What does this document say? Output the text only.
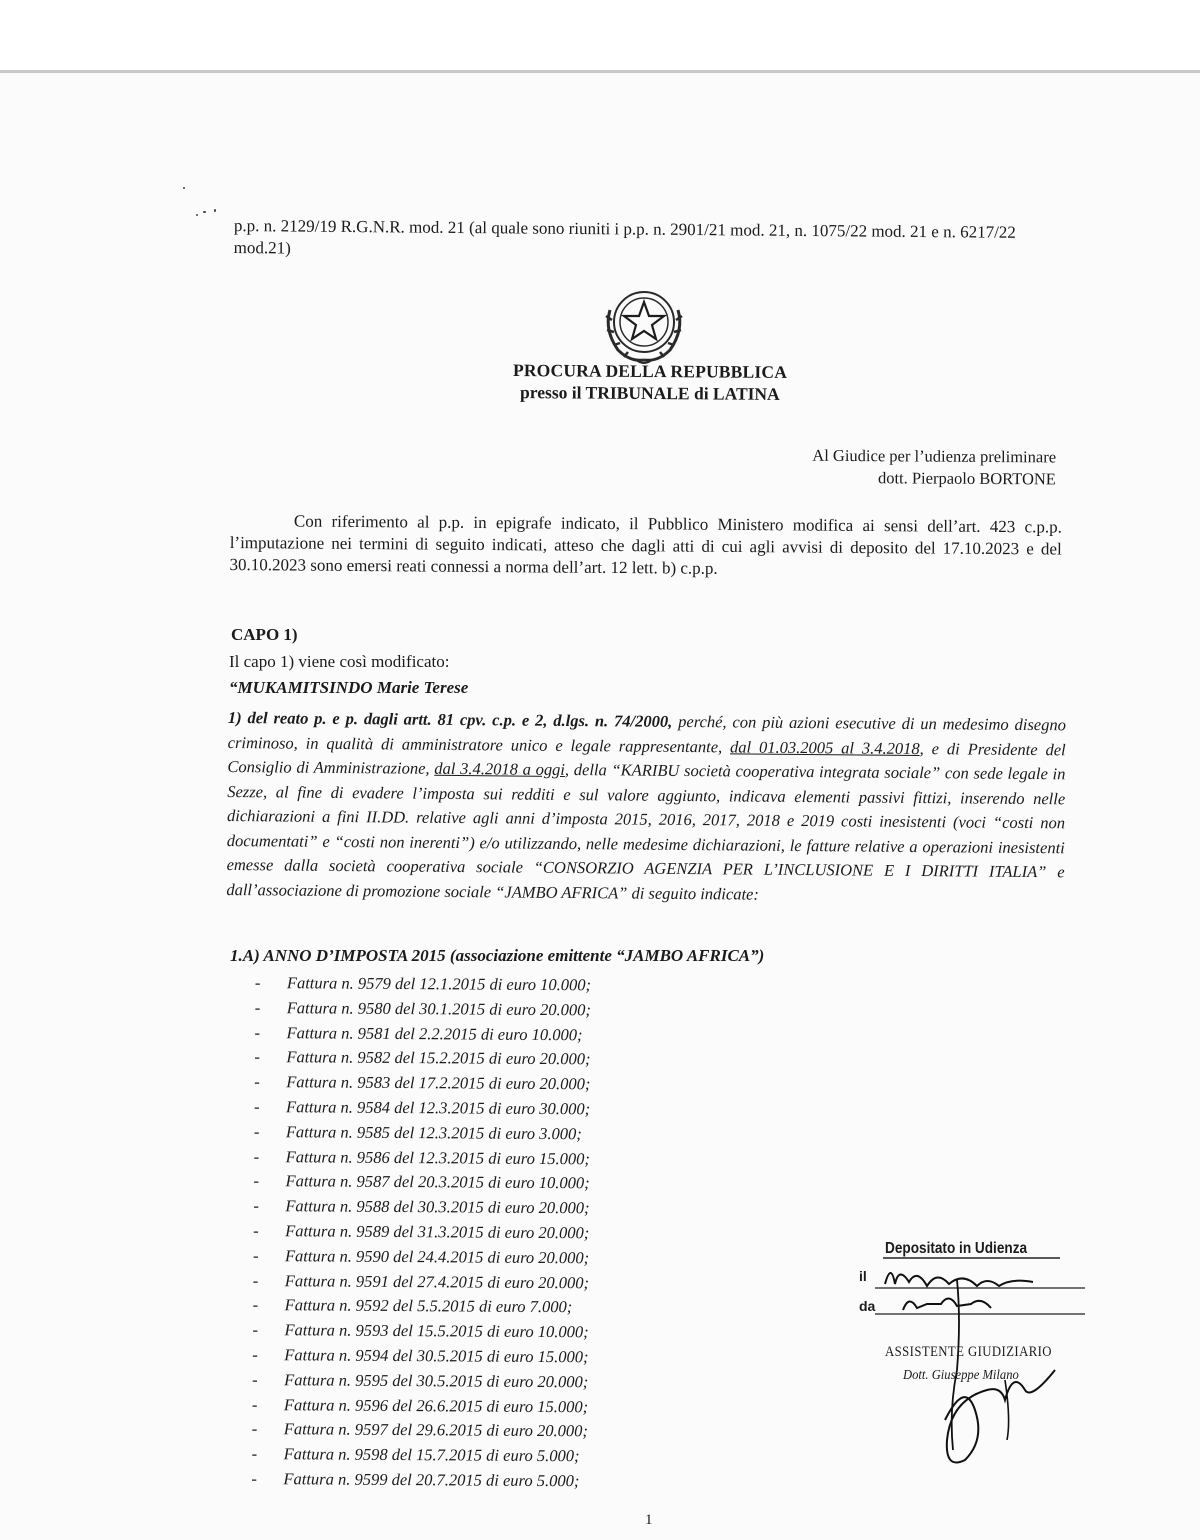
p.p. n. 2129/19 R.G.N.R. mod. 21 (al quale sono riuniti i p.p. n. 2901/21 mod. 21, n. 1075/22 mod. 21 e n. 6217/22 mod.21)
PROCURA DELLA REPUBBLICA
presso il TRIBUNALE di LATINA
Al Giudice per l’udienza preliminare
dott. Pierpaolo BORTONE

Con riferimento al p.p. in epigrafe indicato, il Pubblico Ministero modifica ai sensi dell’art. 423 c.p.p. l’imputazione nei termini di seguito indicati, atteso che dagli atti di cui agli avvisi di deposito del 17.10.2023 e del 30.10.2023 sono emersi reati connessi a norma dell’art. 12 lett. b) c.p.p.

CAPO 1)
Il capo 1) viene così modificato:
“MUKAMITSINDO Marie Terese

1) del reato p. e p. dagli artt. 81 cpv. c.p. e 2, d.lgs. n. 74/2000, perché, con più azioni esecutive di un medesimo disegno criminoso, in qualità di amministratore unico e legale rappresentante, dal 01.03.2005 al 3.4.2018, e di Presidente del Consiglio di Amministrazione, dal 3.4.2018 a oggi, della “KARIBU società cooperativa integrata sociale” con sede legale in Sezze, al fine di evadere l’imposta sui redditi e sul valore aggiunto, indicava elementi passivi fittizi, inserendo nelle dichiarazioni a fini II.DD. relative agli anni d’imposta 2015, 2016, 2017, 2018 e 2019 costi inesistenti (voci “costi non documentati” e “costi non inerenti”) e/o utilizzando, nelle medesime dichiarazioni, le fatture relative a operazioni inesistenti emesse dalla società cooperativa sociale “CONSORZIO AGENZIA PER L’INCLUSIONE E I DIRITTI ITALIA” e dall’associazione di promozione sociale “JAMBO AFRICA” di seguito indicate:

1.A) ANNO D’IMPOSTA 2015 (associazione emittente “JAMBO AFRICA”)
- Fattura n. 9579 del 12.1.2015 di euro 10.000;
- Fattura n. 9580 del 30.1.2015 di euro 20.000;
- Fattura n. 9581 del 2.2.2015 di euro 10.000;
- Fattura n. 9582 del 15.2.2015 di euro 20.000;
- Fattura n. 9583 del 17.2.2015 di euro 20.000;
- Fattura n. 9584 del 12.3.2015 di euro 30.000;
- Fattura n. 9585 del 12.3.2015 di euro 3.000;
- Fattura n. 9586 del 12.3.2015 di euro 15.000;
- Fattura n. 9587 del 20.3.2015 di euro 10.000;
- Fattura n. 9588 del 30.3.2015 di euro 20.000;
- Fattura n. 9589 del 31.3.2015 di euro 20.000;
- Fattura n. 9590 del 24.4.2015 di euro 20.000;
- Fattura n. 9591 del 27.4.2015 di euro 20.000;
- Fattura n. 9592 del 5.5.2015 di euro 7.000;
- Fattura n. 9593 del 15.5.2015 di euro 10.000;
- Fattura n. 9594 del 30.5.2015 di euro 15.000;
- Fattura n. 9595 del 30.5.2015 di euro 20.000;
- Fattura n. 9596 del 26.6.2015 di euro 15.000;
- Fattura n. 9597 del 29.6.2015 di euro 20.000;
- Fattura n. 9598 del 15.7.2015 di euro 5.000;
- Fattura n. 9599 del 20.7.2015 di euro 5.000;
Depositato in Udienza
il
da
ASSISTENTE GIUDIZIARIO
Dott. Giuseppe Milano
1
